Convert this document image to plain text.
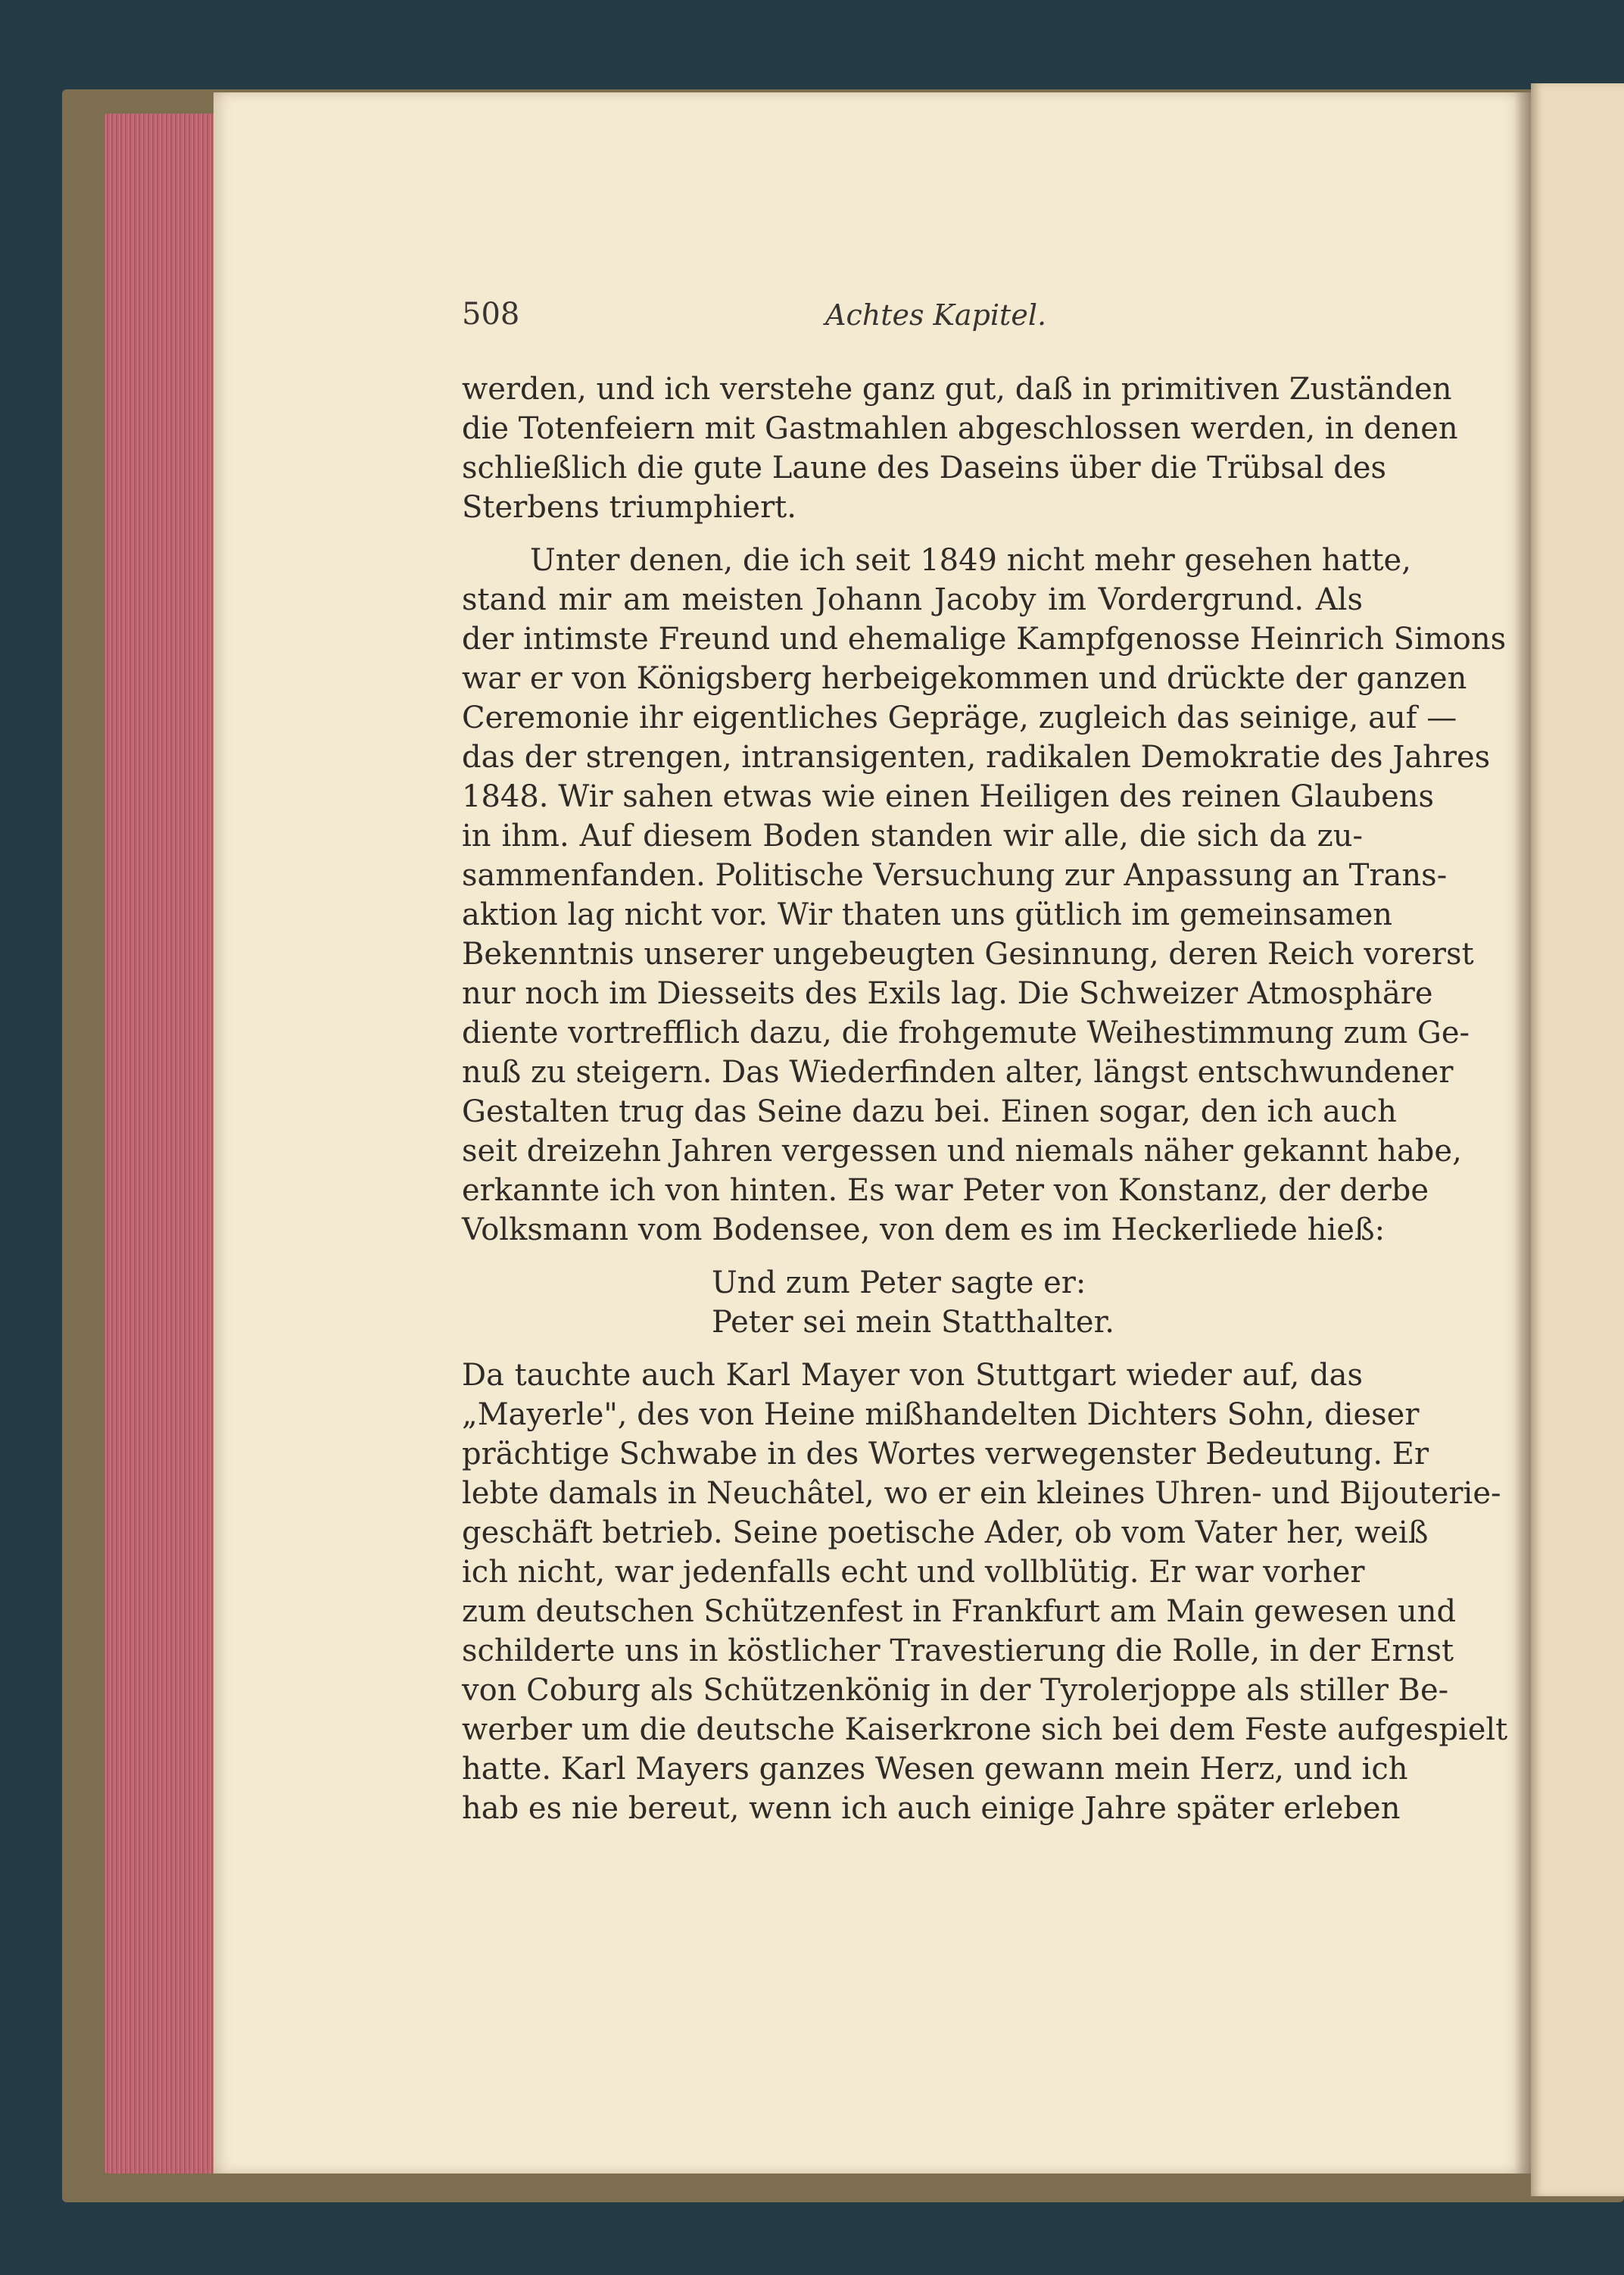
508	Achtes Kapitel.
werden, und ich verstehe ganz gut, daß in primitiven Zuständen
die Totenfeiern mit Gastmahlen abgeschlossen werden, in denen
schließlich die gute Laune des Daseins über die Trübsal des
Sterbens triumphiert.
Unter denen, die ich seit 1849 nicht mehr gesehen hatte,
stand mir am meisten Johann Jacoby im Vordergrund. Als
der intimste Freund und ehemalige Kampfgenosse Heinrich Simons
war er von Königsberg herbeigekommen und drückte der ganzen
Ceremonie ihr eigentliches Gepräge, zugleich das seinige, auf —
das der strengen, intransigenten, radikalen Demokratie des Jahres
1848. Wir sahen etwas wie einen Heiligen des reinen Glaubens
in ihm. Auf diesem Boden standen wir alle, die sich da zu-
sammenfanden. Politische Versuchung zur Anpassung an Trans-
aktion lag nicht vor. Wir thaten uns gütlich im gemeinsamen
Bekenntnis unserer ungebeugten Gesinnung, deren Reich vorerst
nur noch im Diesseits des Exils lag. Die Schweizer Atmosphäre
diente vortrefflich dazu, die frohgemute Weihestimmung zum Ge-
nuß zu steigern. Das Wiederfinden alter, längst entschwundener
Gestalten trug das Seine dazu bei. Einen sogar, den ich auch
seit dreizehn Jahren vergessen und niemals näher gekannt habe,
erkannte ich von hinten. Es war Peter von Konstanz, der derbe
Volksmann vom Bodensee, von dem es im Heckerliede hieß:
Und zum Peter sagte er:
Peter sei mein Statthalter.
Da tauchte auch Karl Mayer von Stuttgart wieder auf, das
„Mayerle", des von Heine mißhandelten Dichters Sohn, dieser
prächtige Schwabe in des Wortes verwegenster Bedeutung. Er
lebte damals in Neuchâtel, wo er ein kleines Uhren- und Bijouterie-
geschäft betrieb. Seine poetische Ader, ob vom Vater her, weiß
ich nicht, war jedenfalls echt und vollblütig. Er war vorher
zum deutschen Schützenfest in Frankfurt am Main gewesen und
schilderte uns in köstlicher Travestierung die Rolle, in der Ernst
von Coburg als Schützenkönig in der Tyrolerjoppe als stiller Be-
werber um die deutsche Kaiserkrone sich bei dem Feste aufgespielt
hatte. Karl Mayers ganzes Wesen gewann mein Herz, und ich
hab es nie bereut, wenn ich auch einige Jahre später erleben
